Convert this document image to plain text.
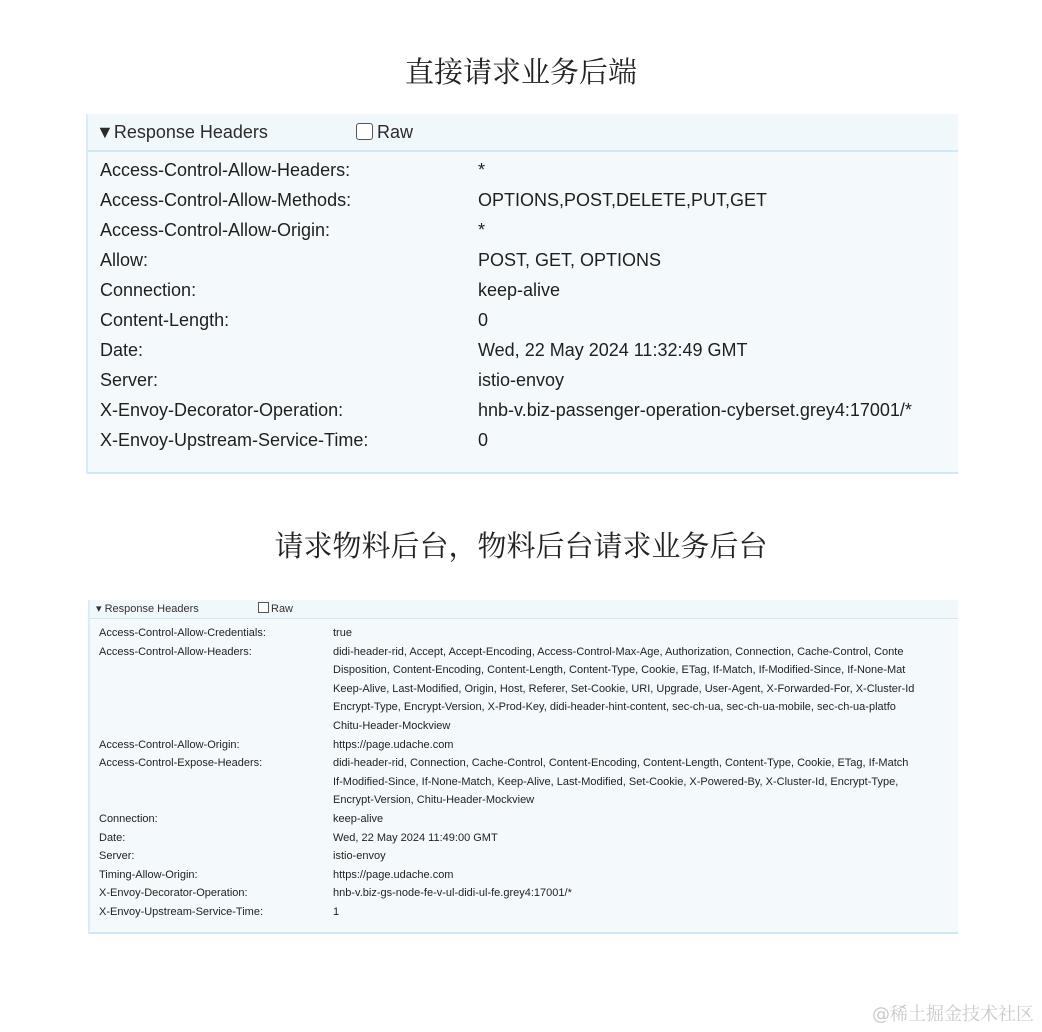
直接请求业务后端
▼Response Headers	Raw
Access-Control-Allow-Headers:	*
Access-Control-Allow-Methods:	OPTIONS,POST,DELETE,PUT,GET
Access-Control-Allow-Origin:	*
Allow:	POST, GET, OPTIONS
Connection:	keep-alive
Content-Length:	0
Date:	Wed, 22 May 2024 11:32:49 GMT
Server:	istio-envoy
X-Envoy-Decorator-Operation:	hnb-v.biz-passenger-operation-cyberset.grey4:17001/*
X-Envoy-Upstream-Service-Time:	0
请求物料后台，物料后台请求业务后台
▾ Response Headers	Raw
Access-Control-Allow-Credentials:	true
Access-Control-Allow-Headers:	didi-header-rid, Accept, Accept-Encoding, Access-Control-Max-Age, Authorization, Connection, Cache-Control, Conte
Disposition, Content-Encoding, Content-Length, Content-Type, Cookie, ETag, If-Match, If-Modified-Since, If-None-Mat
Keep-Alive, Last-Modified, Origin, Host, Referer, Set-Cookie, URI, Upgrade, User-Agent, X-Forwarded-For, X-Cluster-Id
Encrypt-Type, Encrypt-Version, X-Prod-Key, didi-header-hint-content, sec-ch-ua, sec-ch-ua-mobile, sec-ch-ua-platfo
Chitu-Header-Mockview
Access-Control-Allow-Origin:	https://page.udache.com
Access-Control-Expose-Headers:	didi-header-rid, Connection, Cache-Control, Content-Encoding, Content-Length, Content-Type, Cookie, ETag, If-Match
If-Modified-Since, If-None-Match, Keep-Alive, Last-Modified, Set-Cookie, X-Powered-By, X-Cluster-Id, Encrypt-Type,
Encrypt-Version, Chitu-Header-Mockview
Connection:	keep-alive
Date:	Wed, 22 May 2024 11:49:00 GMT
Server:	istio-envoy
Timing-Allow-Origin:	https://page.udache.com
X-Envoy-Decorator-Operation:	hnb-v.biz-gs-node-fe-v-ul-didi-ul-fe.grey4:17001/*
X-Envoy-Upstream-Service-Time:	1
@稀土掘金技术社区
